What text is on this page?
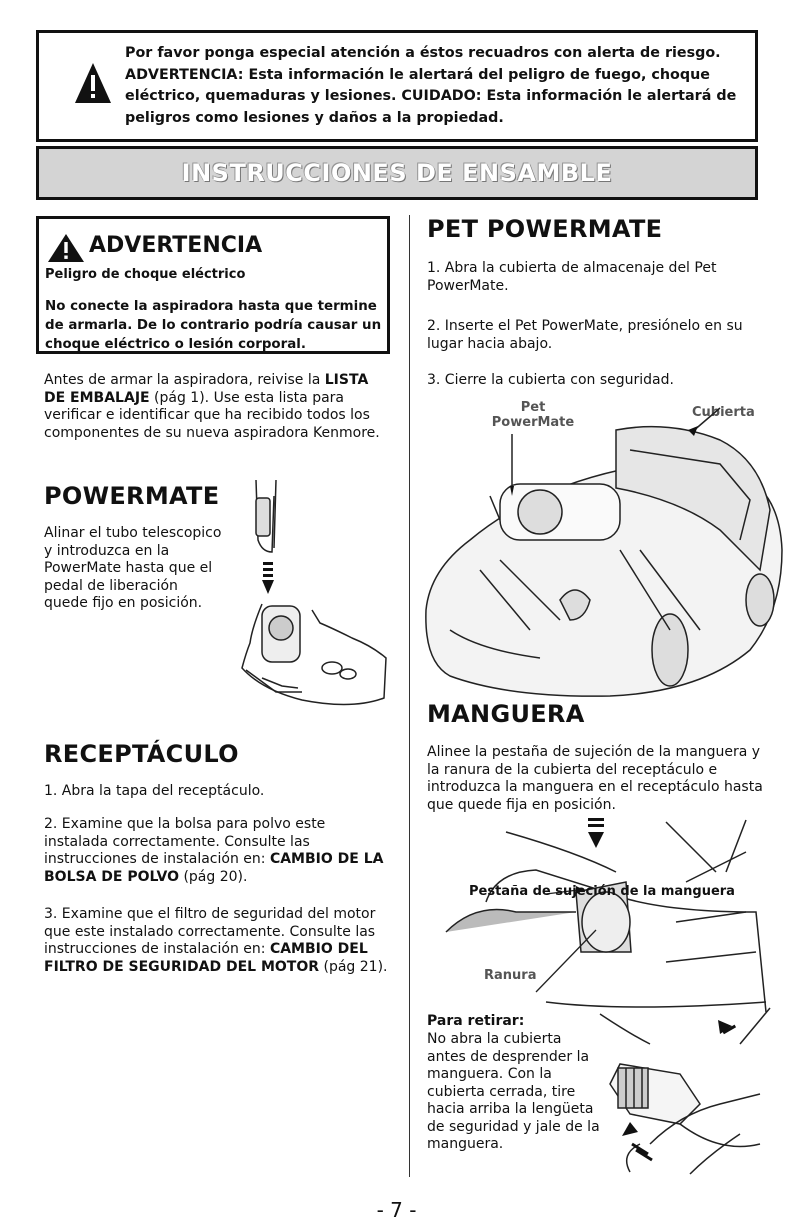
Por favor ponga especial atención a éstos recuadros con alerta de riesgo. ADVERTENCIA: Esta información le alertará del peligro de fuego, choque eléctrico, quemaduras y lesiones. CUIDADO: Esta información le alertará de peligros como lesiones y daños a la propiedad.

INSTRUCCIONES DE ENSAMBLE
ADVERTENCIA
Peligro de choque eléctrico
No conecte la aspiradora hasta que termine de armarla. De lo contrario podría causar un choque eléctrico o lesión corporal.
Antes de armar la aspiradora, reivise la LISTA DE EMBALAJE (pág 1). Use esta lista para verificar e identificar que ha recibido todos los componentes de su nueva aspiradora Kenmore.
POWERMATE
Alinar el tubo telescopico y introduzca en la PowerMate hasta que el pedal de liberación quede fijo en posición.
RECEPTÁCULO
1. Abra la tapa del receptáculo.
2. Examine que la bolsa para polvo este instalada correctamente. Consulte las instrucciones de instalación en: CAMBIO DE LA BOLSA DE POLVO (pág 20).
3. Examine que el filtro de seguridad del motor que este instalado correctamente. Consulte las instrucciones de instalación en: CAMBIO DEL FILTRO DE SEGURIDAD DEL MOTOR (pág 21).
PET POWERMATE
1. Abra la cubierta de almacenaje del Pet PowerMate.
2. Inserte el Pet PowerMate, presiónelo en su lugar hacia abajo.
3. Cierre la cubierta con seguridad.
Pet PowerMate
Cubierta
MANGUERA
Alinee la pestaña de sujeción de la manguera y la ranura de la cubierta del receptáculo e introduzca la manguera en el receptáculo hasta que quede fija en posición.
Pestaña de sujeción de la manguera
Ranura
Para retirar:
No abra la cubierta antes de desprender la manguera. Con la cubierta cerrada, tire hacia arriba la lengüeta de seguridad y jale de la manguera.
- 7 -
